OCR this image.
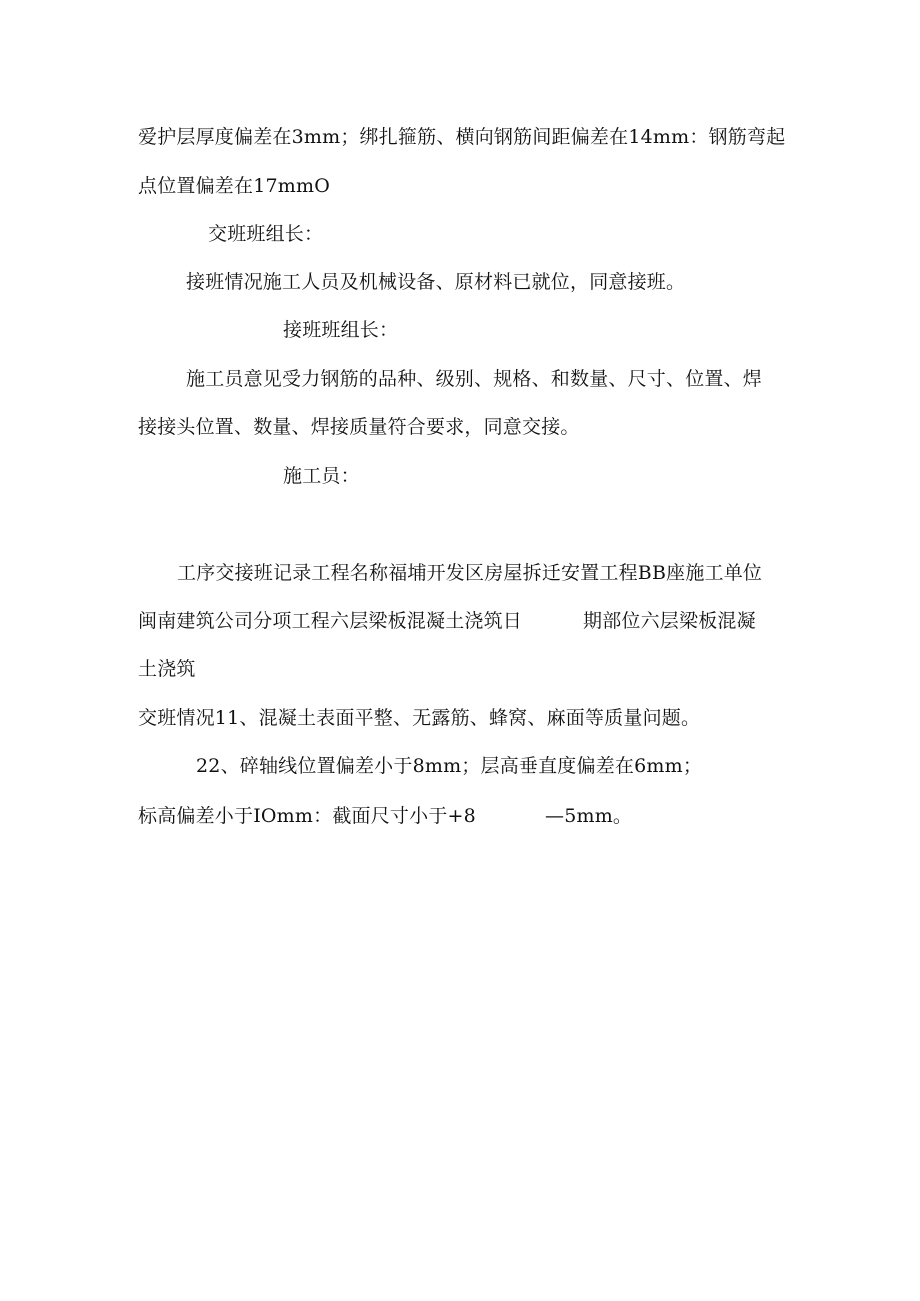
爱护层厚度偏差在3mm；绑扎箍筋、横向钢筋间距偏差在14mm：钢筋弯起
点位置偏差在17mmO
交班班组长：
接班情况施工人员及机械设备、原材料已就位，同意接班。
接班班组长：
施工员意见受力钢筋的品种、级别、规格、和数量、尺寸、位置、焊
接接头位置、数量、焊接质量符合要求，同意交接。
施工员：
工序交接班记录工程名称福埔开发区房屋拆迁安置工程BB座施工单位
闽南建筑公司分项工程六层梁板混凝土浇筑日	期部位六层梁板混凝
土浇筑
交班情况11、混凝土表面平整、无露筋、蜂窝、麻面等质量问题。
22、碎轴线位置偏差小于8mm；层高垂直度偏差在6mm；
标高偏差小于IOmm：截面尺寸小于+8	—5mm。
